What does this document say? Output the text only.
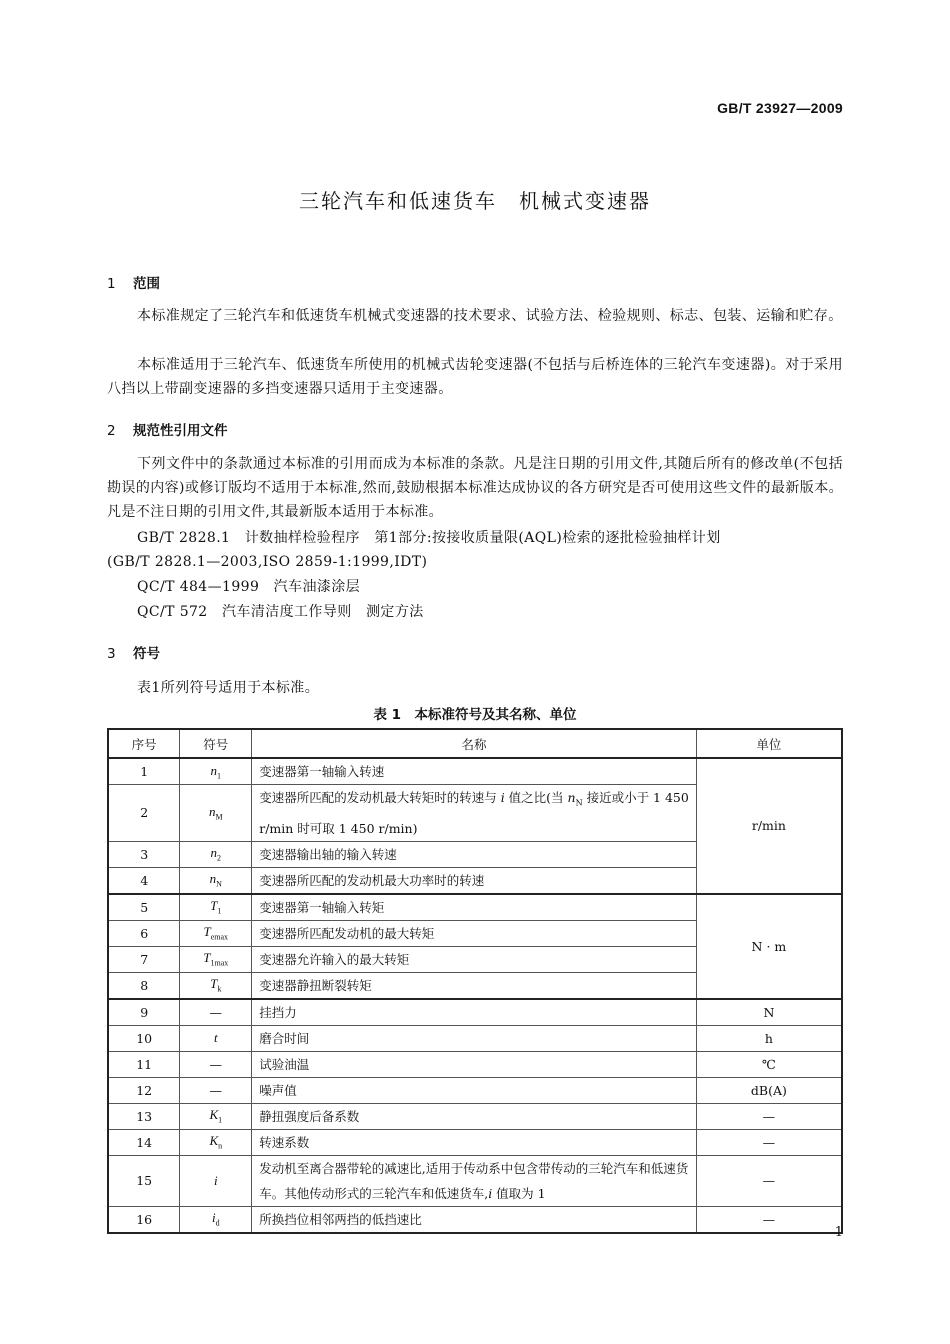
GB/T 23927—2009
三轮汽车和低速货车　机械式变速器
1 范围
本标准规定了三轮汽车和低速货车机械式变速器的技术要求、试验方法、检验规则、标志、包装、运输和贮存。
本标准适用于三轮汽车、低速货车所使用的机械式齿轮变速器(不包括与后桥连体的三轮汽车变速器)。对于采用八挡以上带副变速器的多挡变速器只适用于主变速器。
2 规范性引用文件
下列文件中的条款通过本标准的引用而成为本标准的条款。凡是注日期的引用文件,其随后所有的修改单(不包括勘误的内容)或修订版均不适用于本标准,然而,鼓励根据本标准达成协议的各方研究是否可使用这些文件的最新版本。凡是不注日期的引用文件,其最新版本适用于本标准。
GB/T 2828.1　计数抽样检验程序　第1部分:按接收质量限(AQL)检索的逐批检验抽样计划
(GB/T 2828.1—2003,ISO 2859-1:1999,IDT)
QC/T 484—1999　汽车油漆涂层
QC/T 572　汽车清洁度工作导则　测定方法
3 符号
表1所列符号适用于本标准。
表 1　本标准符号及其名称、单位
序号	符号	名称	单位
1	$n_1$	变速器第一轴输入转速	r/min
2	$n_M$	变速器所匹配的发动机最大转矩时的转速与 i 值之比(当 $n_N$ 接近或小于 1 450 r/min 时可取 1 450 r/min)	
3	$n_2$	变速器输出轴的输入转速	
4	$n_N$	变速器所匹配的发动机最大功率时的转速	
5	$T_1$	变速器第一轴输入转矩	N · m
6	$T_{emax}$	变速器所匹配发动机的最大转矩	
7	$T_{1max}$	变速器允许输入的最大转矩	
8	$T_k$	变速器静扭断裂转矩	
9	—	挂挡力	N
10	t	磨合时间	h
11	—	试验油温	℃
12	—	噪声值	dB(A)
13	$K_1$	静扭强度后备系数	—
14	$K_n$	转速系数	—
15	i	发动机至离合器带轮的减速比,适用于传动系中包含带传动的三轮汽车和低速货车。其他传动形式的三轮汽车和低速货车,i 值取为 1	—
16	$i_d$	所换挡位相邻两挡的低挡速比	—
1
